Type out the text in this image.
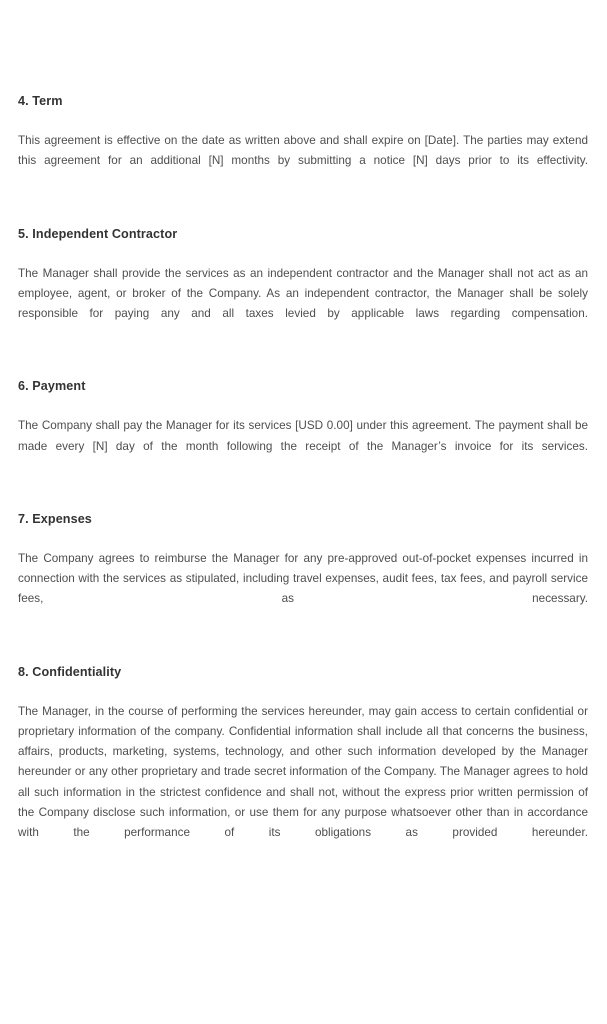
4. Term

This agreement is effective on the date as written above and shall expire on [Date]. The parties may extend this agreement for an additional [N] months by submitting a notice [N] days prior to its effectivity.

5. Independent Contractor

The Manager shall provide the services as an independent contractor and the Manager shall not act as an employee, agent, or broker of the Company. As an independent contractor, the Manager shall be solely responsible for paying any and all taxes levied by applicable laws regarding compensation.

6. Payment

The Company shall pay the Manager for its services [USD 0.00] under this agreement. The payment shall be made every [N] day of the month following the receipt of the Manager’s invoice for its services.

7. Expenses

The Company agrees to reimburse the Manager for any pre-approved out-of-pocket expenses incurred in connection with the services as stipulated, including travel expenses, audit fees, tax fees, and payroll service fees, as necessary.

8. Confidentiality

The Manager, in the course of performing the services hereunder, may gain access to certain confidential or proprietary information of the company. Confidential information shall include all that concerns the business, affairs, products, marketing, systems, technology, and other such information developed by the Manager hereunder or any other proprietary and trade secret information of the Company. The Manager agrees to hold all such information in the strictest confidence and shall not, without the express prior written permission of the Company disclose such information, or use them for any purpose whatsoever other than in accordance with the performance of its obligations as provided hereunder.
